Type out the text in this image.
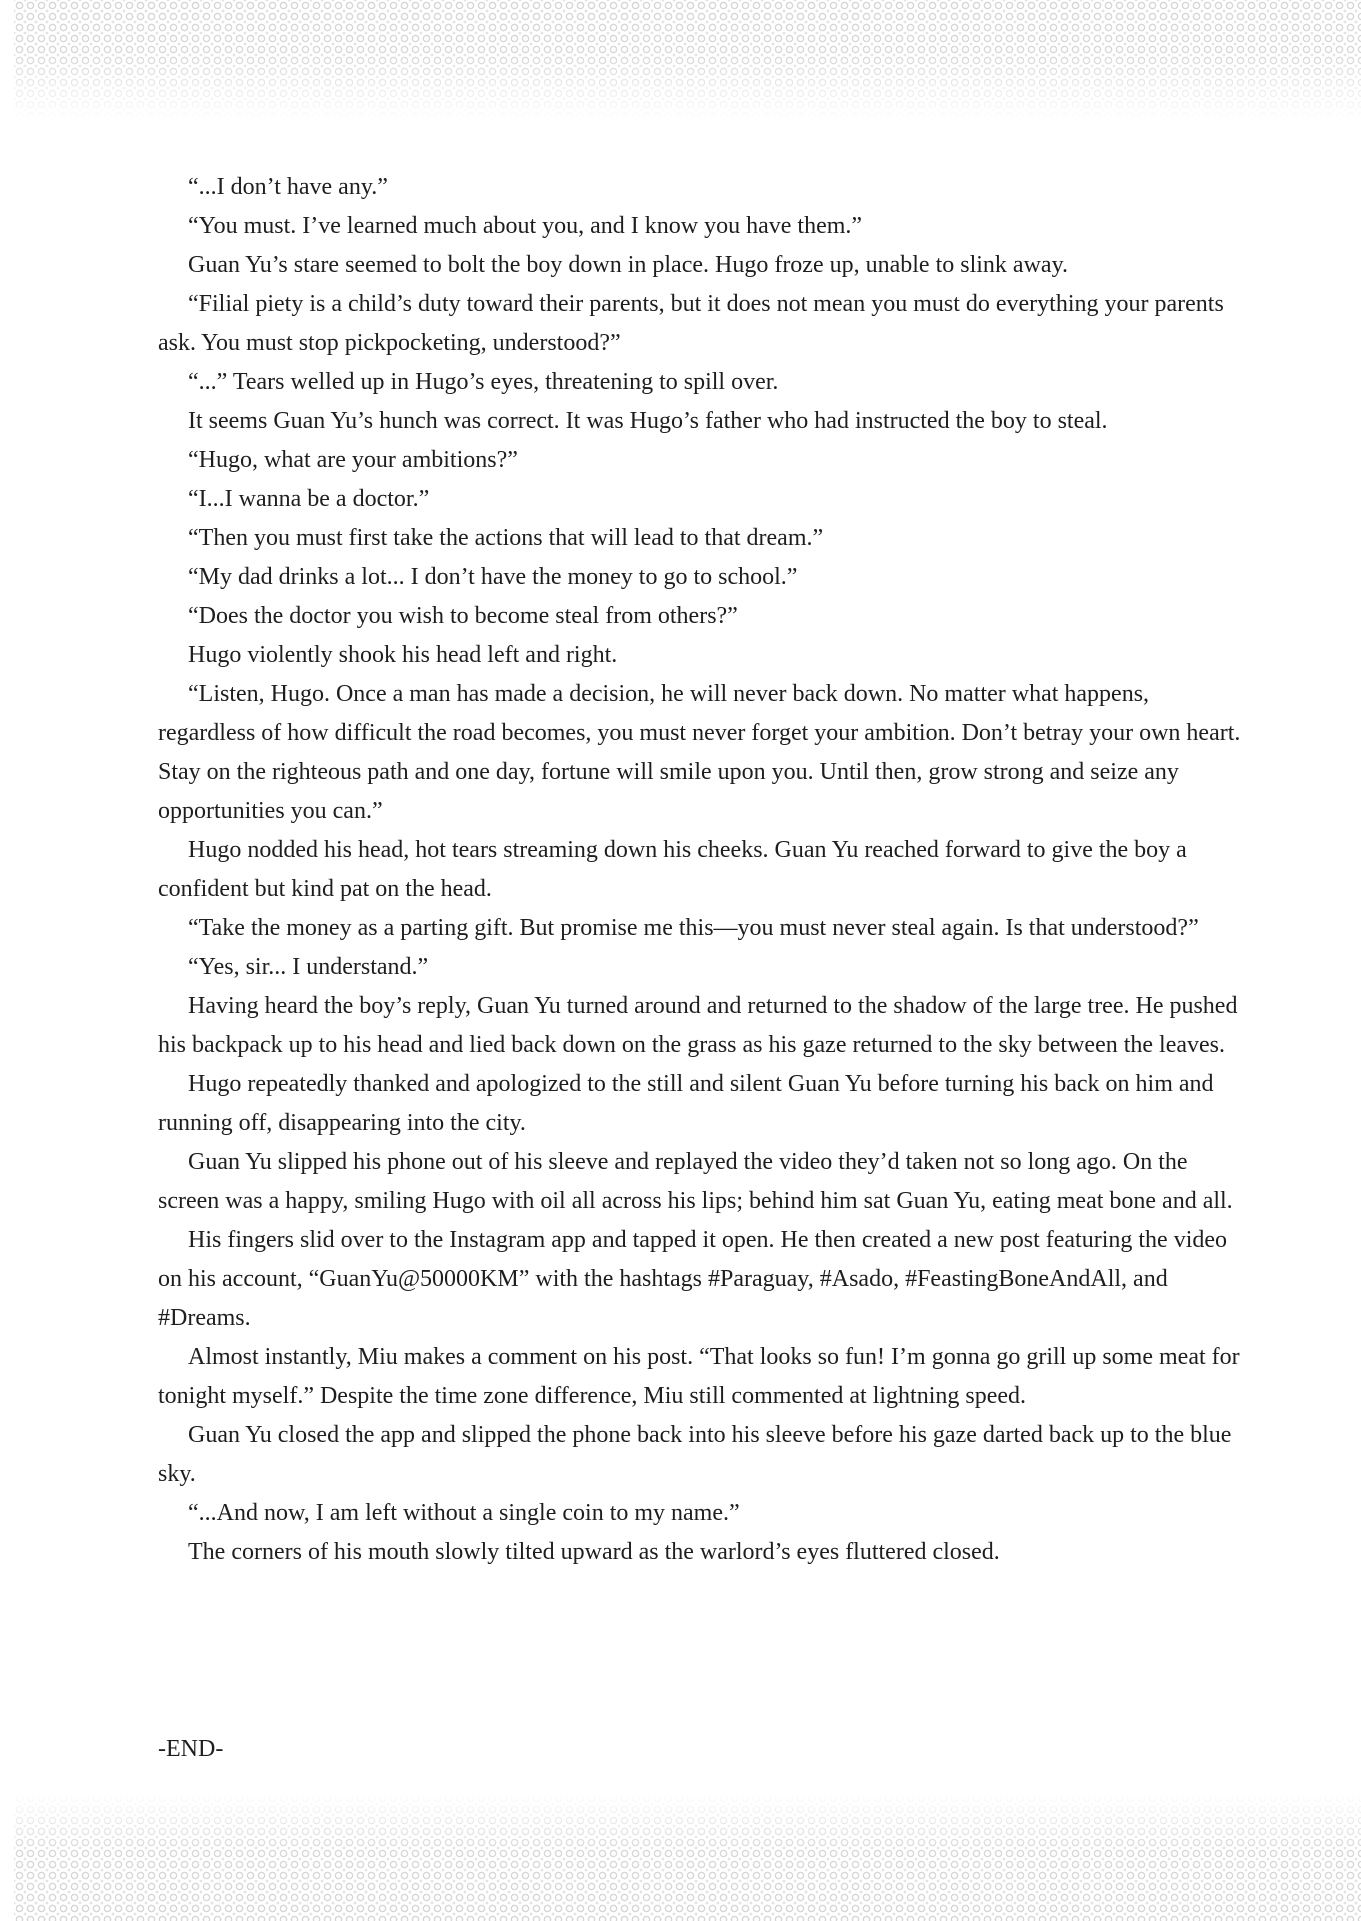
“...I don’t have any.”

“You must. I’ve learned much about you, and I know you have them.”

Guan Yu’s stare seemed to bolt the boy down in place. Hugo froze up, unable to slink away.

“Filial piety is a child’s duty toward their parents, but it does not mean you must do everything your parents ask. You must stop pickpocketing, understood?”

“...” Tears welled up in Hugo’s eyes, threatening to spill over.

It seems Guan Yu’s hunch was correct. It was Hugo’s father who had instructed the boy to steal.

“Hugo, what are your ambitions?”

“I...I wanna be a doctor.”

“Then you must first take the actions that will lead to that dream.”

“My dad drinks a lot... I don’t have the money to go to school.”

“Does the doctor you wish to become steal from others?”

Hugo violently shook his head left and right.

“Listen, Hugo. Once a man has made a decision, he will never back down. No matter what happens, regardless of how difficult the road becomes, you must never forget your ambition. Don’t betray your own heart. Stay on the righteous path and one day, fortune will smile upon you. Until then, grow strong and seize any opportunities you can.”

Hugo nodded his head, hot tears streaming down his cheeks. Guan Yu reached forward to give the boy a confident but kind pat on the head.

“Take the money as a parting gift. But promise me this—you must never steal again. Is that understood?”

“Yes, sir... I understand.”

Having heard the boy’s reply, Guan Yu turned around and returned to the shadow of the large tree. He pushed his backpack up to his head and lied back down on the grass as his gaze returned to the sky between the leaves.

Hugo repeatedly thanked and apologized to the still and silent Guan Yu before turning his back on him and running off, disappearing into the city.

Guan Yu slipped his phone out of his sleeve and replayed the video they’d taken not so long ago. On the screen was a happy, smiling Hugo with oil all across his lips; behind him sat Guan Yu, eating meat bone and all.

His fingers slid over to the Instagram app and tapped it open. He then created a new post featuring the video on his account, “GuanYu@50000KM” with the hashtags #Paraguay, #Asado, #FeastingBoneAndAll, and #Dreams.

Almost instantly, Miu makes a comment on his post. “That looks so fun! I’m gonna go grill up some meat for tonight myself.” Despite the time zone difference, Miu still commented at lightning speed.

Guan Yu closed the app and slipped the phone back into his sleeve before his gaze darted back up to the blue sky.

“...And now, I am left without a single coin to my name.”

The corners of his mouth slowly tilted upward as the warlord’s eyes fluttered closed.

-END-
